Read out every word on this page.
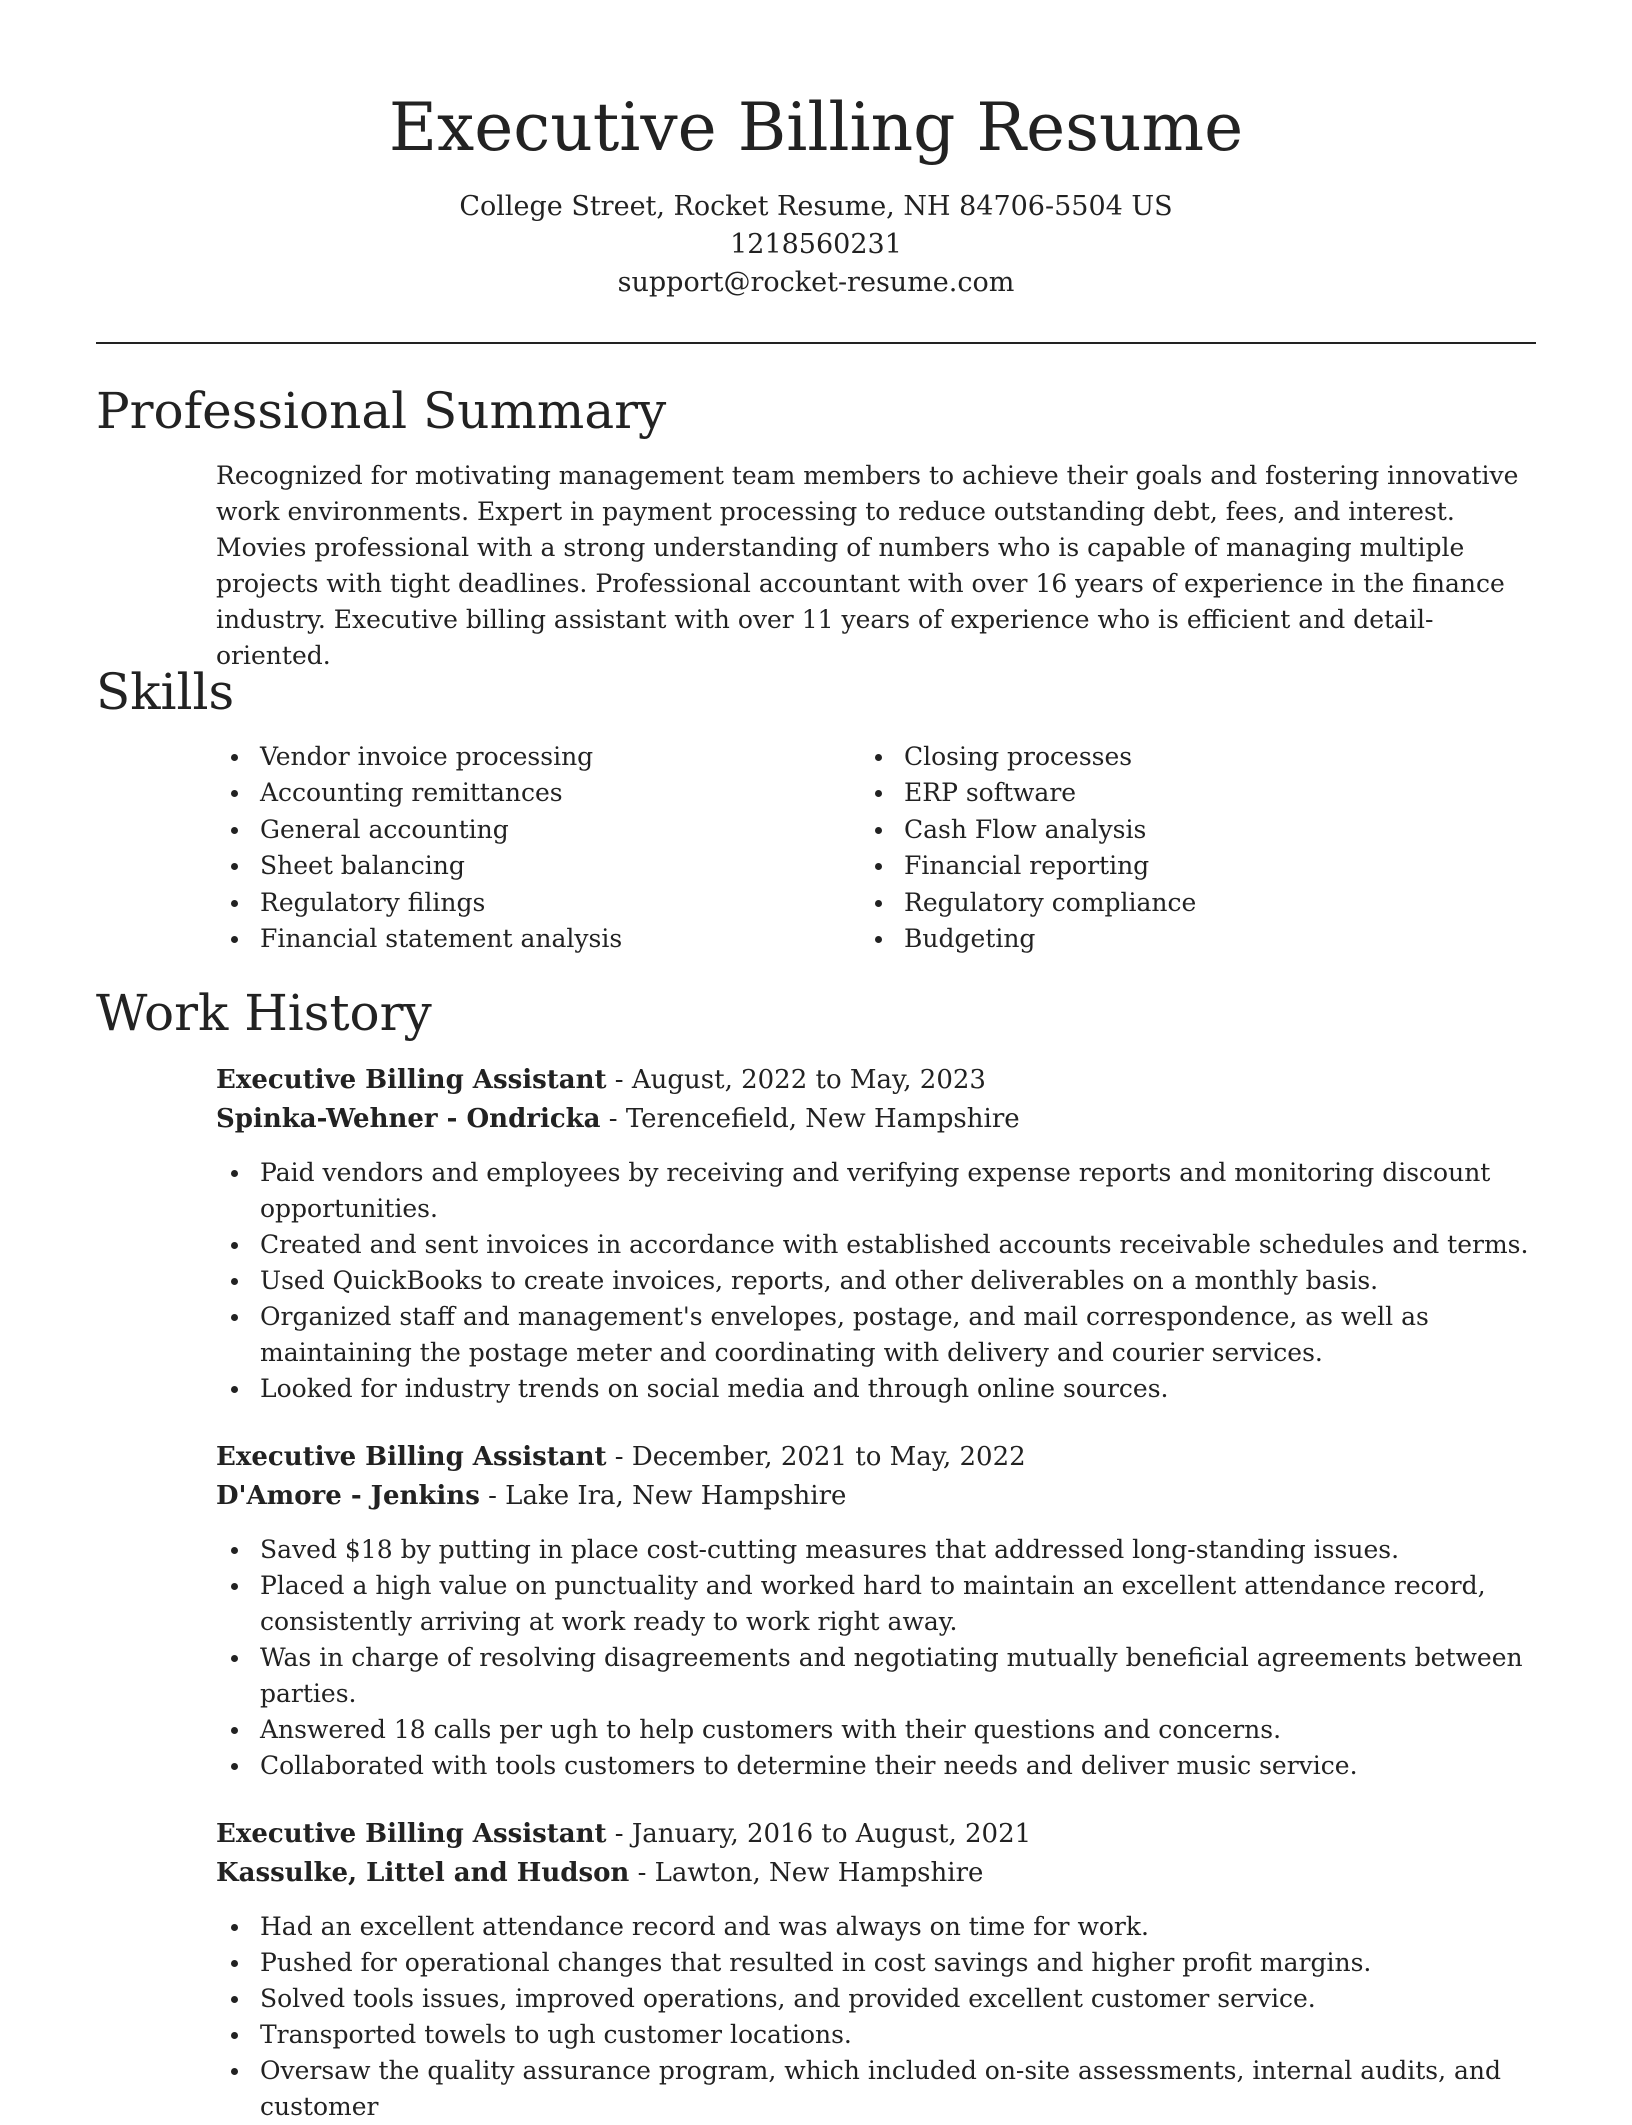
Executive Billing Resume
College Street, Rocket Resume, NH 84706-5504 US
1218560231
support@rocket-resume.com
Professional Summary

Recognized for motivating management team members to achieve their goals and fostering innovative work environments. Expert in payment processing to reduce outstanding debt, fees, and interest. Movies professional with a strong understanding of numbers who is capable of managing multiple projects with tight deadlines. Professional accountant with over 16 years of experience in the finance industry. Executive billing assistant with over 11 years of experience who is efficient and detail-oriented.

Skills
Vendor invoice processing
Accounting remittances
General accounting
Sheet balancing
Regulatory filings
Financial statement analysis
Closing processes
ERP software
Cash Flow analysis
Financial reporting
Regulatory compliance
Budgeting
Work History

Executive Billing Assistant - August, 2022 to May, 2023

Spinka-Wehner - Ondricka - Terencefield, New Hampshire

Paid vendors and employees by receiving and verifying expense reports and monitoring discount opportunities.
Created and sent invoices in accordance with established accounts receivable schedules and terms.
Used QuickBooks to create invoices, reports, and other deliverables on a monthly basis.
Organized staff and management's envelopes, postage, and mail correspondence, as well as maintaining the postage meter and coordinating with delivery and courier services.
Looked for industry trends on social media and through online sources.

Executive Billing Assistant - December, 2021 to May, 2022

D'Amore - Jenkins - Lake Ira, New Hampshire

Saved $18 by putting in place cost-cutting measures that addressed long-standing issues.
Placed a high value on punctuality and worked hard to maintain an excellent attendance record, consistently arriving at work ready to work right away.
Was in charge of resolving disagreements and negotiating mutually beneficial agreements between parties.
Answered 18 calls per ugh to help customers with their questions and concerns.
Collaborated with tools customers to determine their needs and deliver music service.

Executive Billing Assistant - January, 2016 to August, 2021

Kassulke, Littel and Hudson - Lawton, New Hampshire

Had an excellent attendance record and was always on time for work.
Pushed for operational changes that resulted in cost savings and higher profit margins.
Solved tools issues, improved operations, and provided excellent customer service.
Transported towels to ugh customer locations.
Oversaw the quality assurance program, which included on-site assessments, internal audits, and customer
